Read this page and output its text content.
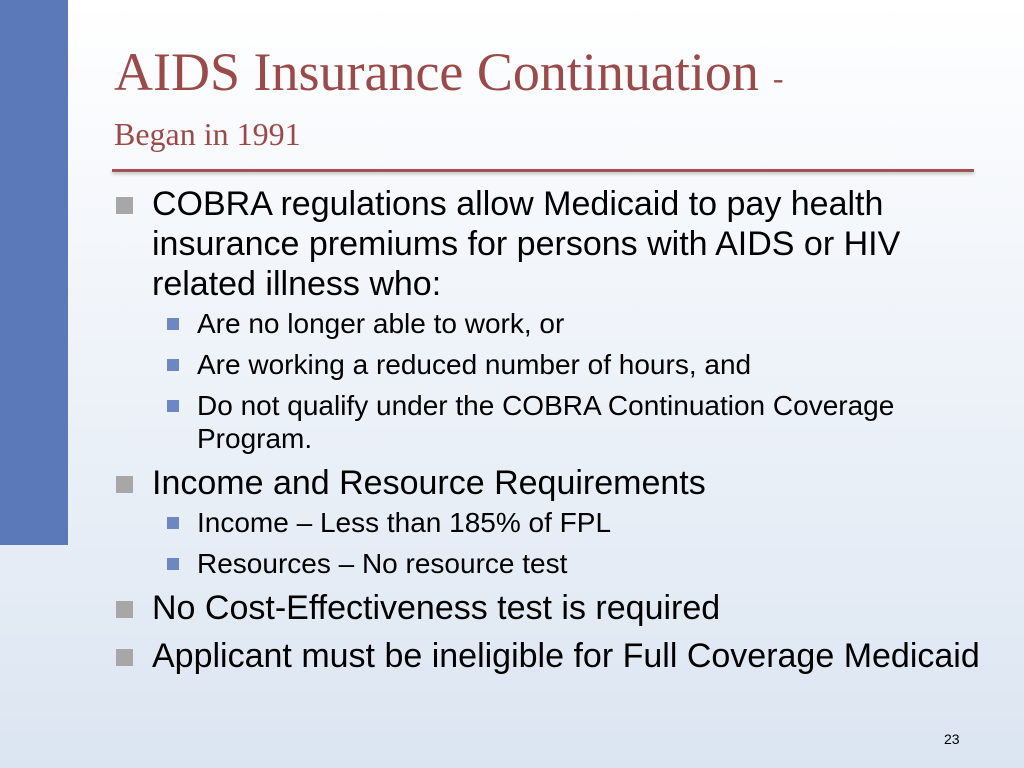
AIDS Insurance Continuation -
Began in 1991
COBRA regulations allow Medicaid to pay health insurance premiums for persons with AIDS or HIV related illness who:
Are no longer able to work, or
Are working a reduced number of hours, and
Do not qualify under the COBRA Continuation Coverage Program.
Income and Resource Requirements
Income – Less than 185% of FPL
Resources – No resource test
No Cost-Effectiveness test is required
Applicant must be ineligible for Full Coverage Medicaid
23
